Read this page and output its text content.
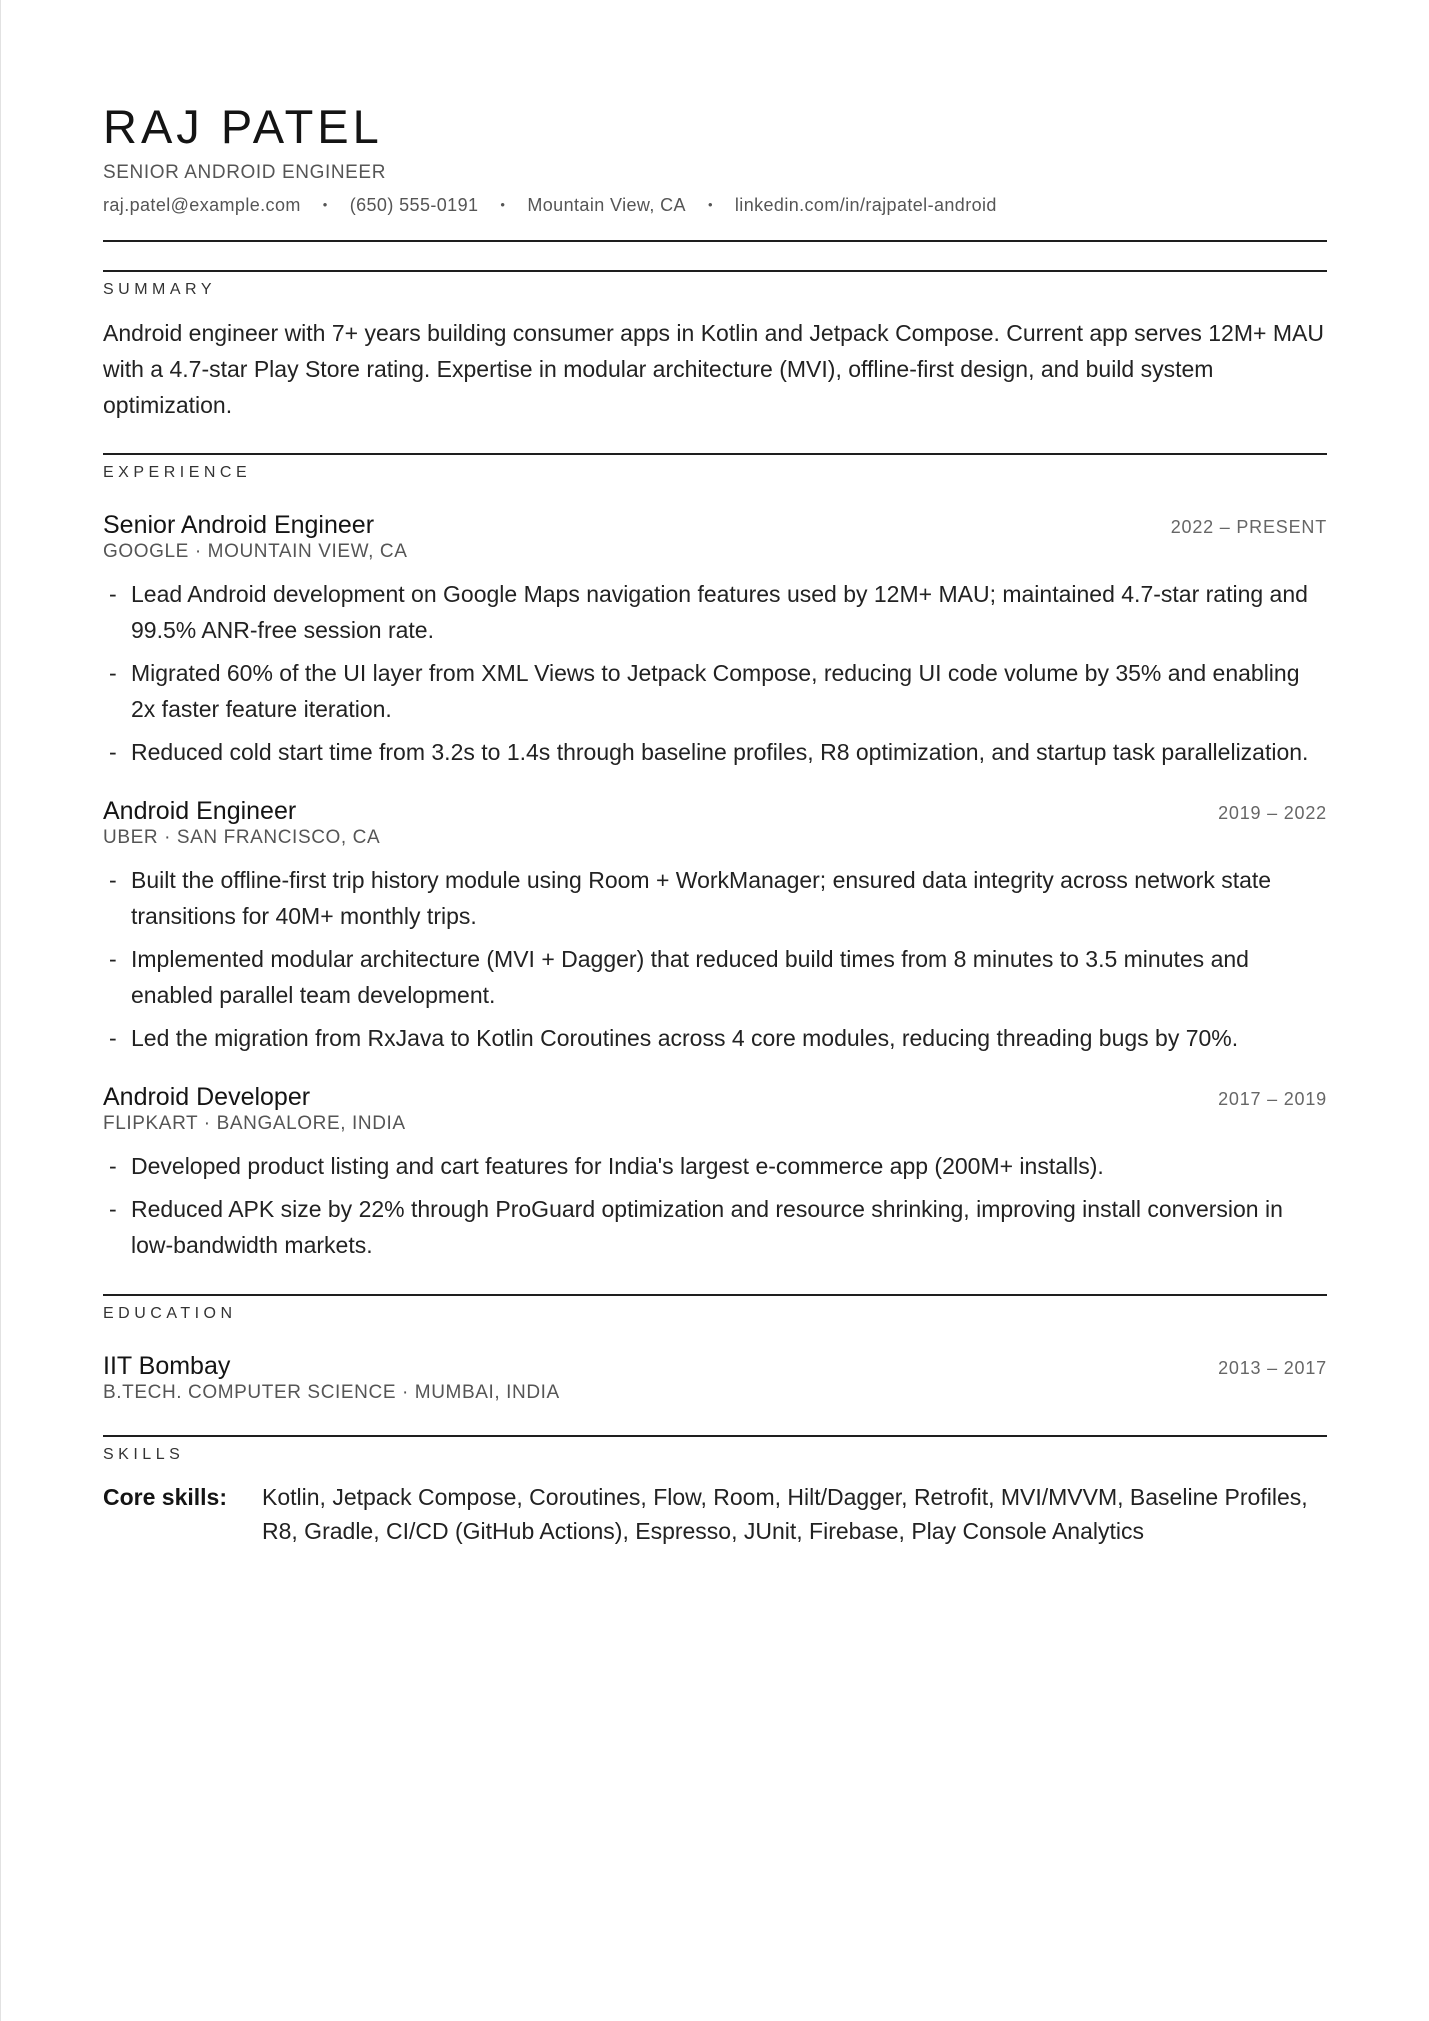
RAJ PATEL
SENIOR ANDROID ENGINEER
raj.patel@example.com • (650) 555-0191 • Mountain View, CA • linkedin.com/in/rajpatel-android
SUMMARY

Android engineer with 7+ years building consumer apps in Kotlin and Jetpack Compose. Current app serves 12M+ MAU with a 4.7-star Play Store rating. Expertise in modular architecture (MVI), offline-first design, and build system optimization.

EXPERIENCE
Senior Android Engineer	2022 – PRESENT
GOOGLE · MOUNTAIN VIEW, CA
- Lead Android development on Google Maps navigation features used by 12M+ MAU; maintained 4.7-star rating and 99.5% ANR-free session rate.
- Migrated 60% of the UI layer from XML Views to Jetpack Compose, reducing UI code volume by 35% and enabling 2x faster feature iteration.
- Reduced cold start time from 3.2s to 1.4s through baseline profiles, R8 optimization, and startup task parallelization.
Android Engineer	2019 – 2022
UBER · SAN FRANCISCO, CA
- Built the offline-first trip history module using Room + WorkManager; ensured data integrity across network state transitions for 40M+ monthly trips.
- Implemented modular architecture (MVI + Dagger) that reduced build times from 8 minutes to 3.5 minutes and enabled parallel team development.
- Led the migration from RxJava to Kotlin Coroutines across 4 core modules, reducing threading bugs by 70%.
Android Developer	2017 – 2019
FLIPKART · BANGALORE, INDIA
- Developed product listing and cart features for India's largest e-commerce app (200M+ installs).
- Reduced APK size by 22% through ProGuard optimization and resource shrinking, improving install conversion in low-bandwidth markets.
EDUCATION
IIT Bombay	2013 – 2017
B.TECH. COMPUTER SCIENCE · MUMBAI, INDIA
SKILLS
Core skills:	Kotlin, Jetpack Compose, Coroutines, Flow, Room, Hilt/Dagger, Retrofit, MVI/MVVM, Baseline Profiles, R8, Gradle, CI/CD (GitHub Actions), Espresso, JUnit, Firebase, Play Console Analytics
